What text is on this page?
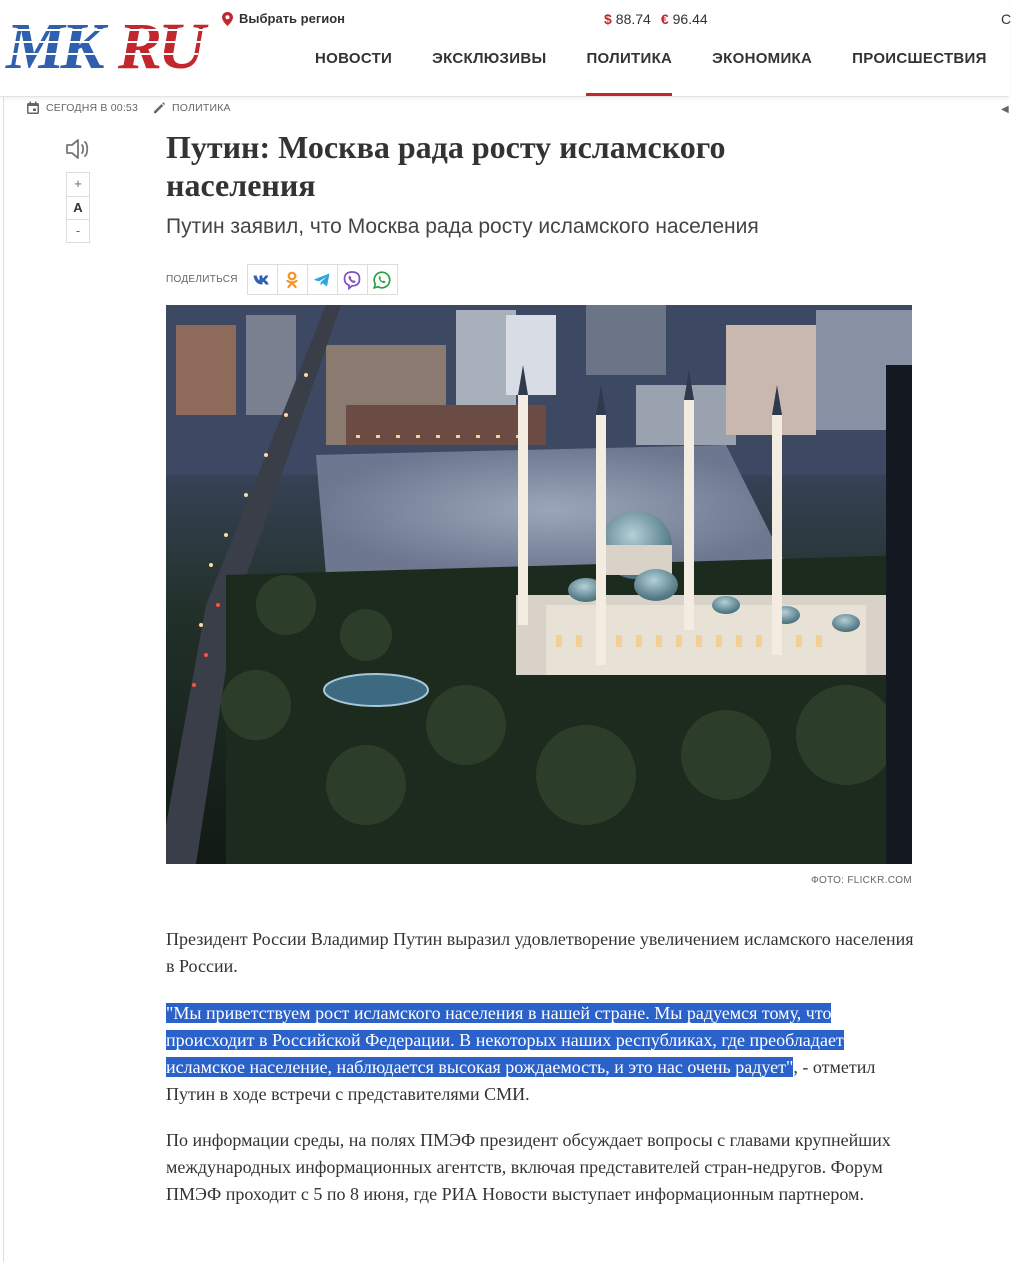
MK RU	Выбрать регион	$ 88.74 € 96.44	С
НОВОСТИ	ЭКСКЛЮЗИВЫ	ПОЛИТИКА	ЭКОНОМИКА	ПРОИСШЕСТВИЯ
СЕГОДНЯ В 00:53	ПОЛИТИКА	◀
+
A
-
Путин: Москва рада росту исламского населения
Путин заявил, что Москва рада росту исламского населения
ПОДЕЛИТЬСЯ
ФОТО: FLICKR.COM

Президент России Владимир Путин выразил удовлетворение увеличением исламского населения в России.

"Мы приветствуем рост исламского населения в нашей стране. Мы радуемся тому, что происходит в Российской Федерации. В некоторых наших республиках, где преобладает исламское население, наблюдается высокая рождаемость, и это нас очень радует", - отметил Путин в ходе встречи с представителями СМИ.

По информации среды, на полях ПМЭФ президент обсуждает вопросы с главами крупнейших международных информационных агентств, включая представителей стран-недругов. Форум ПМЭФ проходит с 5 по 8 июня, где РИА Новости выступает информационным партнером.
